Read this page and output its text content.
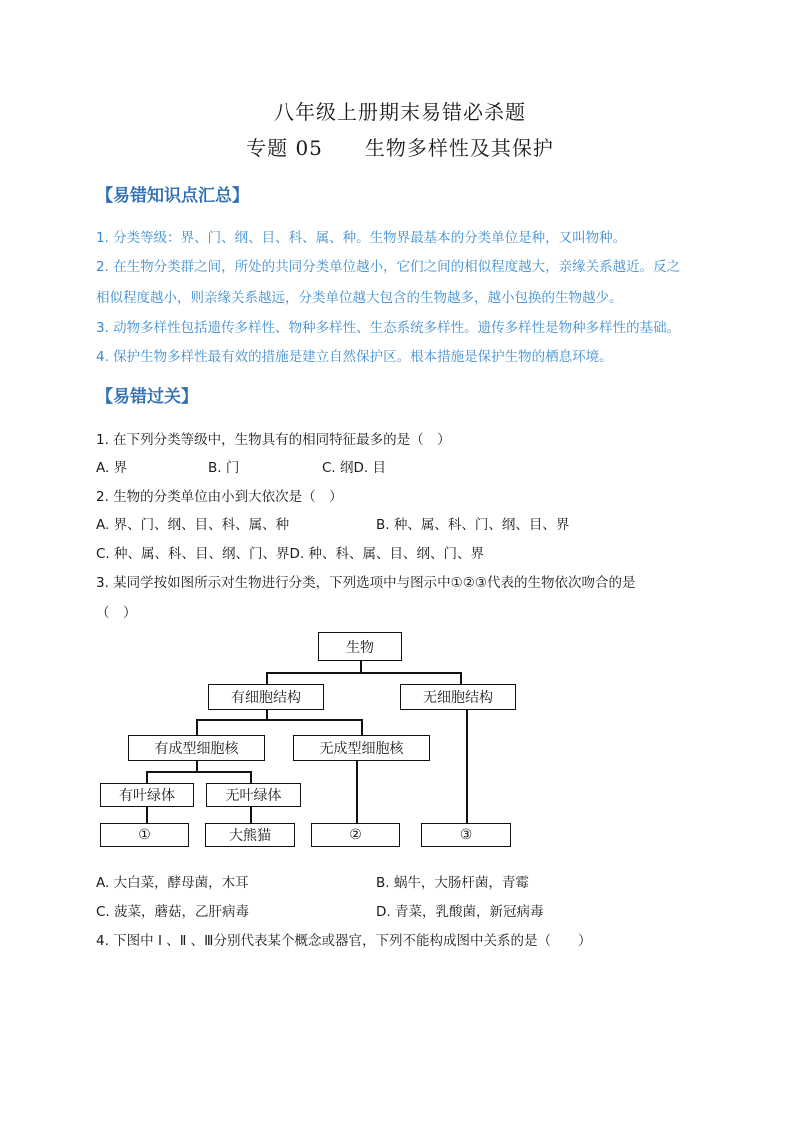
八年级上册期末易错必杀题
专题 05　　生物多样性及其保护
【易错知识点汇总】
1. 分类等级：界、门、纲、目、科、属、种。生物界最基本的分类单位是种，又叫物种。
2. 在生物分类群之间，所处的共同分类单位越小，它们之间的相似程度越大，亲缘关系越近。反之
相似程度越小，则亲缘关系越远，分类单位越大包含的生物越多，越小包换的生物越少。
3. 动物多样性包括遗传多样性、物种多样性、生态系统多样性。遗传多样性是物种多样性的基础。
4. 保护生物多样性最有效的措施是建立自然保护区。根本措施是保护生物的栖息环境。
【易错过关】
1. 在下列分类等级中，生物具有的相同特征最多的是（　）
A. 界	B. 门	C. 纲D. 目
2. 生物的分类单位由小到大依次是（　）
A. 界、门、纲、目、科、属、种	B. 种、属、科、门、纲、目、界
C. 种、属、科、目、纲、门、界D. 种、科、属、目、纲、门、界
3. 某同学按如图所示对生物进行分类，下列选项中与图示中①②③代表的生物依次吻合的是
（　）
生物
有细胞结构	无细胞结构
有成型细胞核	无成型细胞核
有叶绿体	无叶绿体
①	大熊猫	②	③
A. 大白菜，酵母菌，木耳	B. 蜗牛，大肠杆菌，青霉
C. 菠菜，蘑菇，乙肝病毒	D. 青菜，乳酸菌，新冠病毒
4. 下图中 Ⅰ 、Ⅱ 、Ⅲ分别代表某个概念或器官，下列不能构成图中关系的是（　　）
